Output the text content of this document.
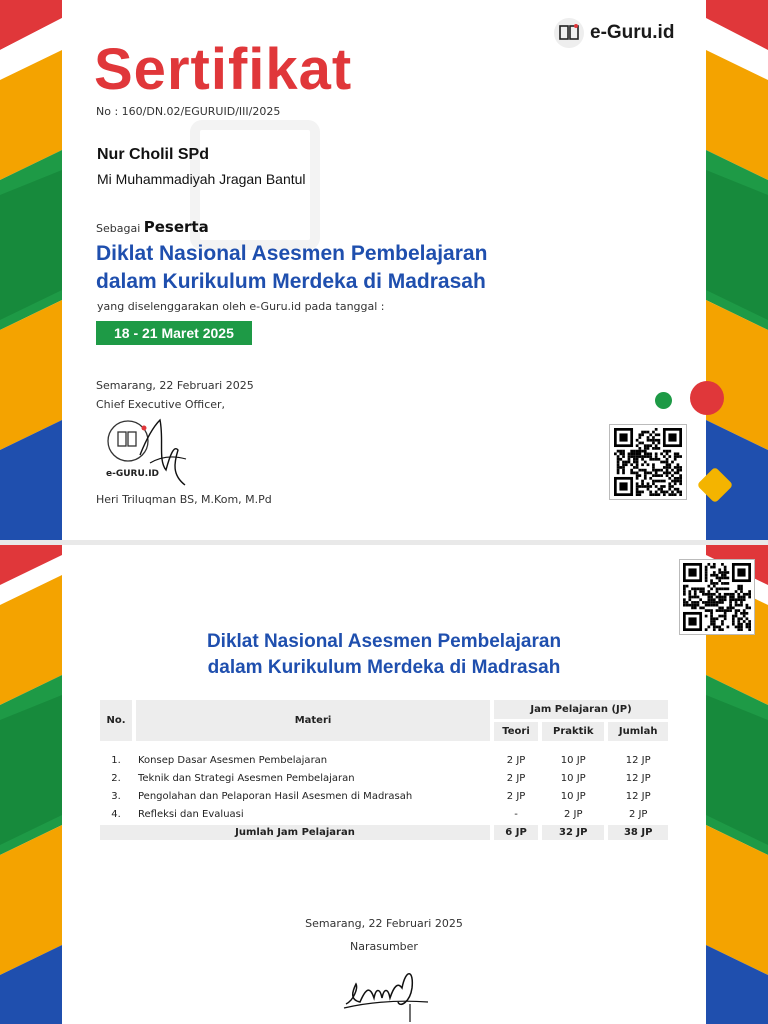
e-Guru.id
Sertifikat
No : 160/DN.02/EGURUID/III/2025
Nur Cholil SPd
Mi Muhammadiyah Jragan Bantul
Sebagai Peserta
Diklat Nasional Asesmen Pembelajaran
dalam Kurikulum Merdeka di Madrasah
yang diselenggarakan oleh e-Guru.id pada tanggal :
18 - 21 Maret 2025
Semarang, 22 Februari 2025
Chief Executive Officer,
e-GURU.ID
Heri Triluqman BS, M.Kom, M.Pd
Diklat Nasional Asesmen Pembelajaran
dalam Kurikulum Merdeka di Madrasah
No.	Materi	Jam Pelajaran (JP)		
		Teori	Praktik	Jumlah

1.	Konsep Dasar Asesmen Pembelajaran	2 JP	10 JP	12 JP
2.	Teknik dan Strategi Asesmen Pembelajaran	2 JP	10 JP	12 JP
3.	Pengolahan dan Pelaporan Hasil Asesmen di Madrasah	2 JP	10 JP	12 JP
4.	Refleksi dan Evaluasi	-	2 JP	2 JP
Jumlah Jam Pelajaran		6 JP	32 JP	38 JP
Semarang, 22 Februari 2025
Narasumber
